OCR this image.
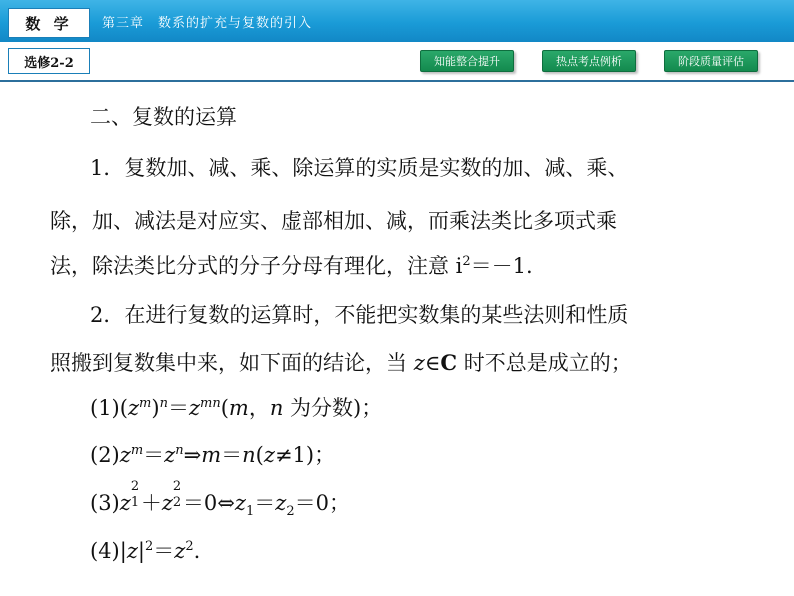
数 学	第三章　数系的扩充与复数的引入
选修2-2	知能整合提升	热点考点例析	阶段质量评估
二、复数的运算
1．复数加、减、乘、除运算的实质是实数的加、减、乘、
除，加、减法是对应实、虚部相加、减，而乘法类比多项式乘
法，除法类比分式的分子分母有理化，注意 $i^2=-1$.
2．在进行复数的运算时，不能把实数集的某些法则和性质
照搬到复数集中来，如下面的结论，当 z∈C 时不总是成立的；
$(1)(z^m)^n=z^{mn}(m$，n 为分数)；
$(2)z^m=z^n\Rightarrow m=n(z\ne 1)$；
(3)z
2
1 ＋z
2
$2 =0\Leftrightarrow z_1=z_2=0$；
$(4)|z|^2=z^2$.
